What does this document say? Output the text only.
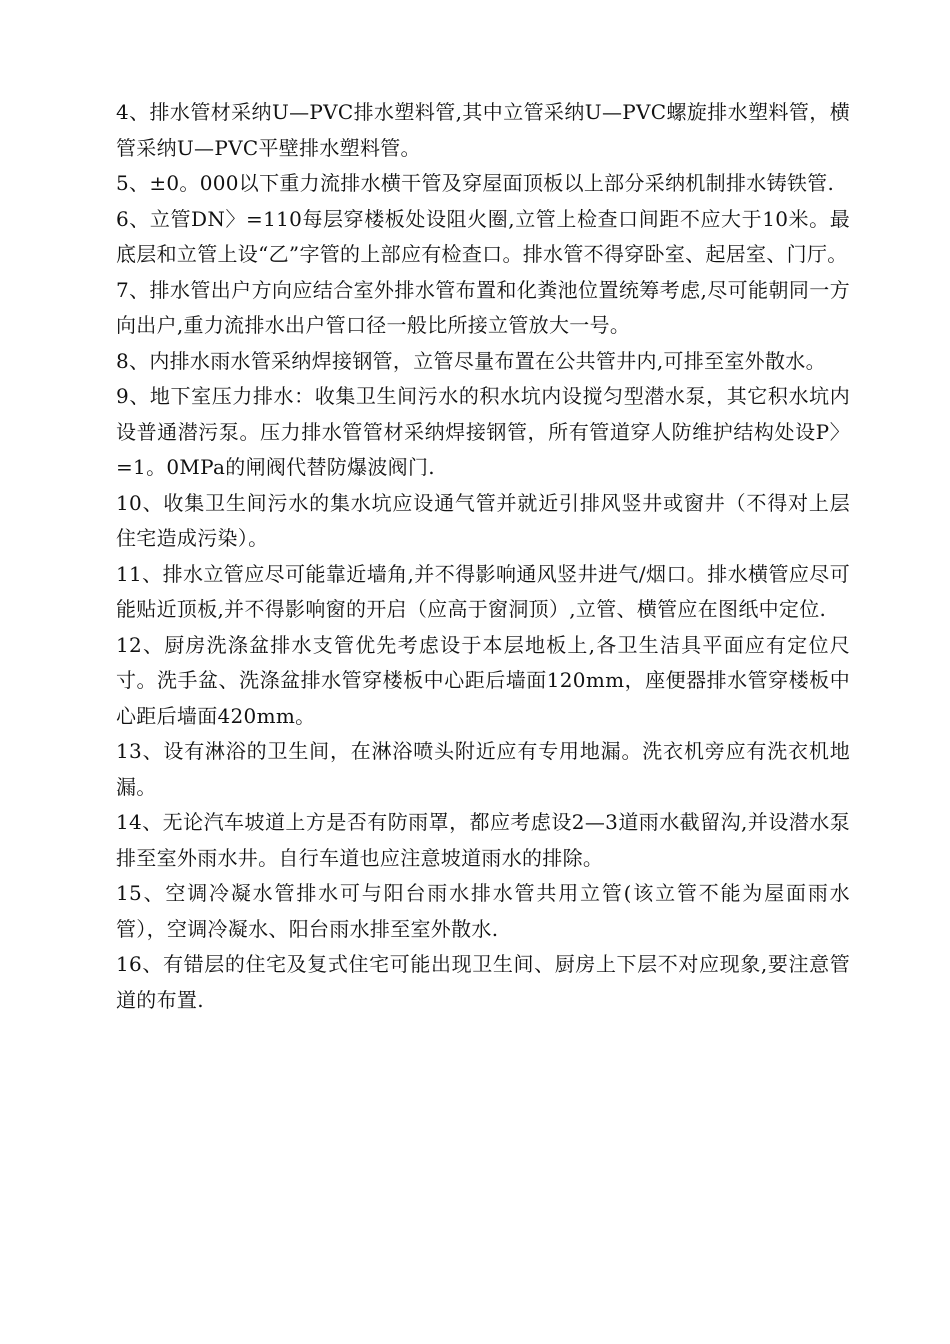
4、排水管材采纳U—PVC排水塑料管,其中立管采纳U—PVC螺旋排水塑料管，横管采纳U—PVC平壁排水塑料管。

5、±0。000以下重力流排水横干管及穿屋面顶板以上部分采纳机制排水铸铁管.

6、立管DN〉=110每层穿楼板处设阻火圈,立管上检查口间距不应大于10米。最底层和立管上设“乙”字管的上部应有检查口。排水管不得穿卧室、起居室、门厅。

7、排水管出户方向应结合室外排水管布置和化粪池位置统筹考虑,尽可能朝同一方向出户,重力流排水出户管口径一般比所接立管放大一号。

8、内排水雨水管采纳焊接钢管，立管尽量布置在公共管井内,可排至室外散水。

9、地下室压力排水：收集卫生间污水的积水坑内设搅匀型潜水泵，其它积水坑内设普通潜污泵。压力排水管管材采纳焊接钢管，所有管道穿人防维护结构处设P〉=1。0MPa的闸阀代替防爆波阀门.

10、收集卫生间污水的集水坑应设通气管并就近引排风竖井或窗井（不得对上层住宅造成污染）。

11、排水立管应尽可能靠近墙角,并不得影响通风竖井进气/烟口。排水横管应尽可能贴近顶板,并不得影响窗的开启（应高于窗洞顶）,立管、横管应在图纸中定位.

12、厨房洗涤盆排水支管优先考虑设于本层地板上,各卫生洁具平面应有定位尺寸。洗手盆、洗涤盆排水管穿楼板中心距后墙面120mm，座便器排水管穿楼板中心距后墙面420mm。

13、设有淋浴的卫生间，在淋浴喷头附近应有专用地漏。洗衣机旁应有洗衣机地漏。

14、无论汽车坡道上方是否有防雨罩，都应考虑设2—3道雨水截留沟,并设潜水泵排至室外雨水井。自行车道也应注意坡道雨水的排除。

15、空调冷凝水管排水可与阳台雨水排水管共用立管(该立管不能为屋面雨水管），空调冷凝水、阳台雨水排至室外散水.

16、有错层的住宅及复式住宅可能出现卫生间、厨房上下层不对应现象,要注意管道的布置.
